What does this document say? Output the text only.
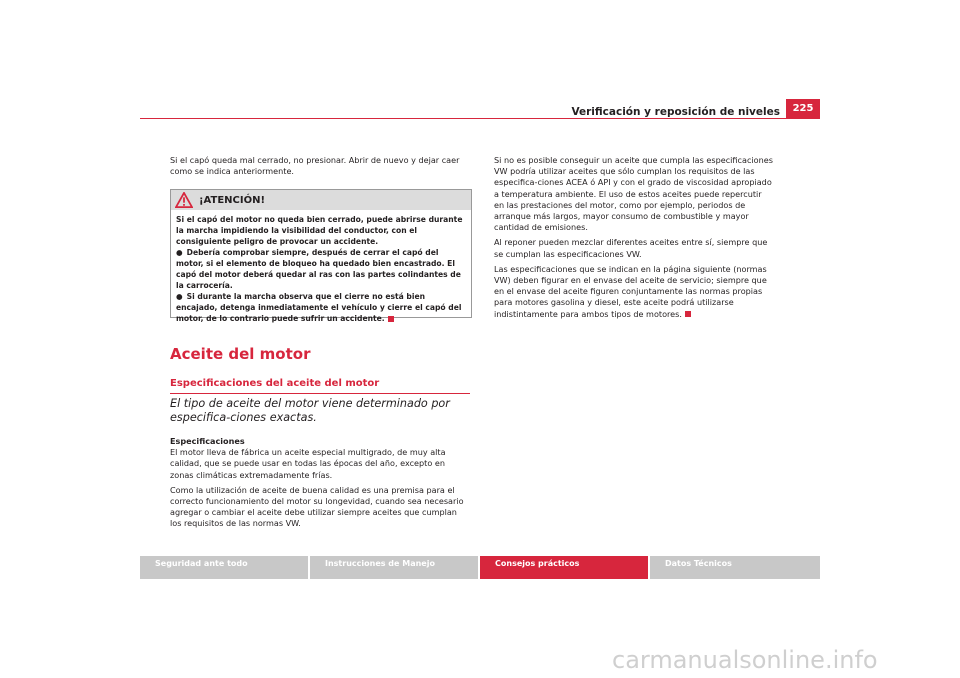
Verificación y reposición de niveles	225

Si el capó queda mal cerrado, no presionar. Abrir de nuevo y dejar caer como se indica anteriormente.

¡ATENCIÓN!

Si el capó del motor no queda bien cerrado, puede abrirse durante la marcha impidiendo la visibilidad del conductor, con el consiguiente peligro de provocar un accidente.

● Debería comprobar siempre, después de cerrar el capó del motor, si el elemento de bloqueo ha quedado bien encastrado. El capó del motor deberá quedar al ras con las partes colindantes de la carrocería.

● Si durante la marcha observa que el cierre no está bien encajado, detenga inmediatamente el vehículo y cierre el capó del motor, de lo contrario puede sufrir un accidente.

Aceite del motor
Especificaciones del aceite del motor
El tipo de aceite del motor viene determinado por especifica-ciones exactas.

Especificaciones

El motor lleva de fábrica un aceite especial multigrado, de muy alta calidad, que se puede usar en todas las épocas del año, excepto en zonas climáticas extremadamente frías.

Como la utilización de aceite de buena calidad es una premisa para el correcto funcionamiento del motor su longevidad, cuando sea necesario agregar o cambiar el aceite debe utilizar siempre aceites que cumplan los requisitos de las normas VW.

Si no es posible conseguir un aceite que cumpla las especificaciones VW podría utilizar aceites que sólo cumplan los requisitos de las especifica-ciones ACEA ó API y con el grado de viscosidad apropiado a temperatura ambiente. El uso de estos aceites puede repercutir en las prestaciones del motor, como por ejemplo, periodos de arranque más largos, mayor consumo de combustible y mayor cantidad de emisiones.

Al reponer pueden mezclar diferentes aceites entre sí, siempre que se cumplan las especificaciones VW.

Las especificaciones que se indican en la página siguiente (normas VW) deben figurar en el envase del aceite de servicio; siempre que en el envase del aceite figuren conjuntamente las normas propias para motores gasolina y diesel, este aceite podrá utilizarse indistintamente para ambos tipos de motores.

Seguridad ante todo	Instrucciones de Manejo	Consejos prácticos	Datos Técnicos
carmanualsonline.info
